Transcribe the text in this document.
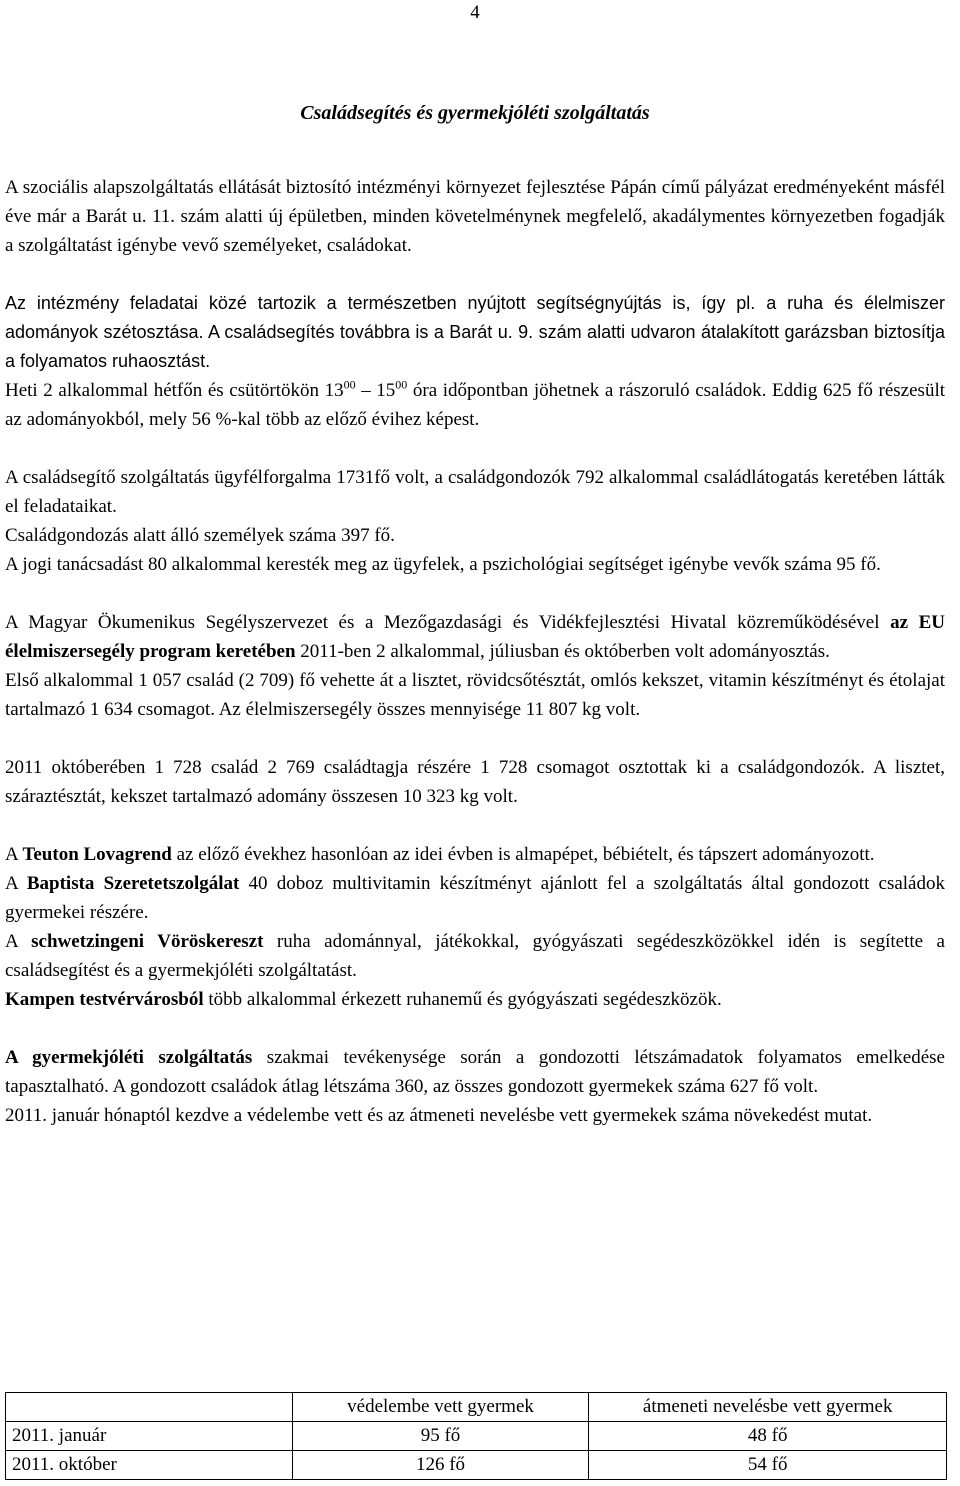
4
Családsegítés és gyermekjóléti szolgáltatás

A szociális alapszolgáltatás ellátását biztosító intézményi környezet fejlesztése Pápán című pályázat eredményeként másfél éve már a Barát u. 11. szám alatti új épületben, minden követelménynek megfelelő, akadálymentes környezetben fogadják a szolgáltatást igénybe vevő személyeket, családokat.

Az intézmény feladatai közé tartozik a természetben nyújtott segítségnyújtás is, így pl. a ruha és élelmiszer adományok szétosztása. A családsegítés továbbra is a Barát u. 9. szám alatti udvaron átalakított garázsban biztosítja a folyamatos ruhaosztást.

Heti 2 alkalommal hétfőn és csütörtökön $13^{00} - 15^{00}$ óra időpontban jöhetnek a rászoruló családok. Eddig 625 fő részesült az adományokból, mely 56 %-kal több az előző évihez képest.

A családsegítő szolgáltatás ügyfélforgalma 1731fő volt, a családgondozók 792 alkalommal családlátogatás keretében látták el feladataikat.

Családgondozás alatt álló személyek száma 397 fő.

A jogi tanácsadást 80 alkalommal keresték meg az ügyfelek, a pszichológiai segítséget igénybe vevők száma 95 fő.

A Magyar Ökumenikus Segélyszervezet és a Mezőgazdasági és Vidékfejlesztési Hivatal közreműködésével az EU élelmiszersegély program keretében 2011-ben 2 alkalommal, júliusban és októberben volt adományosztás.

Első alkalommal 1 057 család (2 709) fő vehette át a lisztet, rövidcsőtésztát, omlós kekszet, vitamin készítményt és étolajat tartalmazó 1 634 csomagot. Az élelmiszersegély összes mennyisége 11 807 kg volt.

2011 októberében 1 728 család 2 769 családtagja részére 1 728 csomagot osztottak ki a családgondozók. A lisztet, száraztésztát, kekszet tartalmazó adomány összesen 10 323 kg volt.

A Teuton Lovagrend az előző évekhez hasonlóan az idei évben is almapépet, bébiételt, és tápszert adományozott.

A Baptista Szeretetszolgálat 40 doboz multivitamin készítményt ajánlott fel a szolgáltatás által gondozott családok gyermekei részére.

A schwetzingeni Vöröskereszt ruha adománnyal, játékokkal, gyógyászati segédeszközökkel idén is segítette a családsegítést és a gyermekjóléti szolgáltatást.

Kampen testvérvárosból több alkalommal érkezett ruhanemű és gyógyászati segédeszközök.

A gyermekjóléti szolgáltatás szakmai tevékenysége során a gondozotti létszámadatok folyamatos emelkedése tapasztalható. A gondozott családok átlag létszáma 360, az összes gondozott gyermekek száma 627 fő volt.

2011. január hónaptól kezdve a védelembe vett és az átmeneti nevelésbe vett gyermekek száma növekedést mutat.

	védelembe vett gyermek	átmeneti nevelésbe vett gyermek
2011. január	95 fő	48 fő
2011. október	126 fő	54 fő
